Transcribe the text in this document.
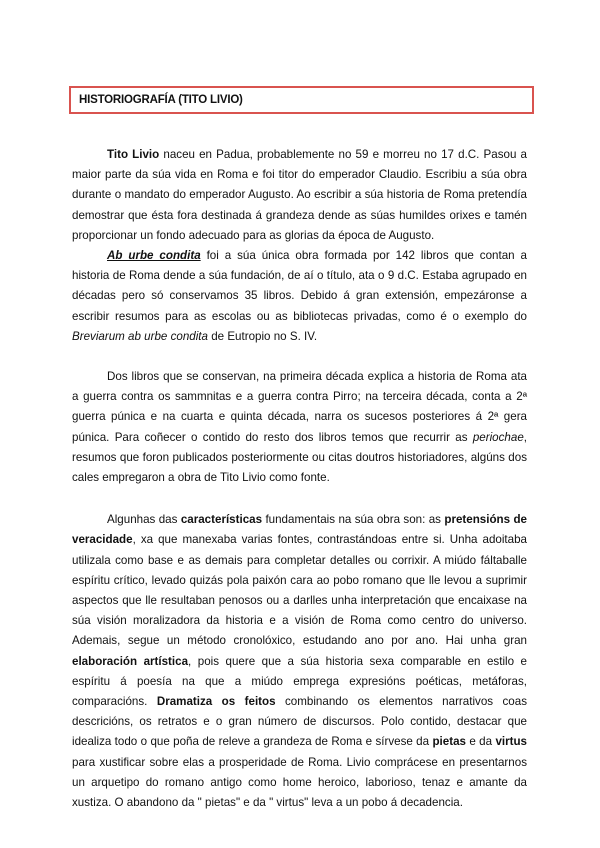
HISTORIOGRAFÍA (TITO LIVIO)

Tito Livio naceu en Padua, probablemente no 59 e morreu no 17 d.C. Pasou a maior parte da súa vida en Roma e foi titor do emperador Claudio. Escribiu a súa obra durante o mandato do emperador Augusto. Ao escribir a súa historia de Roma pretendía demostrar que ésta fora destinada á grandeza dende as súas humildes orixes e tamén proporcionar un fondo adecuado para as glorias da época de Augusto.

Ab urbe condita foi a súa única obra formada por 142 libros que contan a historia de Roma dende a súa fundación, de aí o título, ata o 9 d.C. Estaba agrupado en décadas pero só conservamos 35 libros. Debido á gran extensión, empezáronse a escribir resumos para as escolas ou as bibliotecas privadas, como é o exemplo do Breviarum ab urbe condita de Eutropio no S. IV.

Dos libros que se conservan, na primeira década explica a historia de Roma ata a guerra contra os sammnitas e a guerra contra Pirro; na terceira década, conta a 2ª guerra púnica e na cuarta e quinta década, narra os sucesos posteriores á 2ª gera púnica. Para coñecer o contido do resto dos libros temos que recurrir as periochae, resumos que foron publicados posteriormente ou citas doutros historiadores, algúns dos cales empregaron a obra de Tito Livio como fonte.

Algunhas das características fundamentais na súa obra son: as pretensións de veracidade, xa que manexaba varias fontes, contrastándoas entre si. Unha adoitaba utilizala como base e as demais para completar detalles ou corrixir. A miúdo fáltaballe espíritu crítico, levado quizás pola paixón cara ao pobo romano que lle levou a suprimir aspectos que lle resultaban penosos ou a darlles unha interpretación que encaixase na súa visión moralizadora da historia e a visión de Roma como centro do universo. Ademais, segue un método cronolóxico, estudando ano por ano. Hai unha gran elaboración artística, pois quere que a súa historia sexa comparable en estilo e espíritu á poesía na que a miúdo emprega expresións poéticas, metáforas, comparacións. Dramatiza os feitos combinando os elementos narrativos coas descricións, os retratos e o gran número de discursos. Polo contido, destacar que idealiza todo o que poña de releve a grandeza de Roma e sírvese da pietas e da virtus para xustificar sobre elas a prosperidade de Roma. Livio comprácese en presentarnos un arquetipo do romano antigo como home heroico, laborioso, tenaz e amante da xustiza. O abandono da " pietas" e da " virtus" leva a un pobo á decadencia.
